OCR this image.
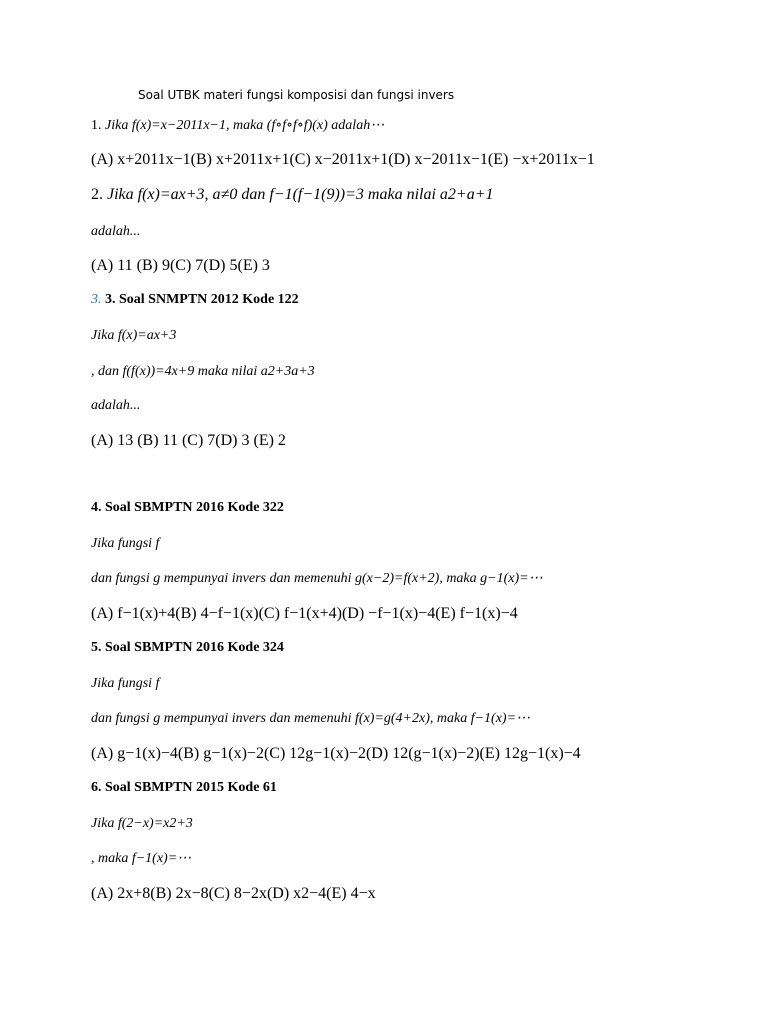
Soal UTBK materi fungsi komposisi dan fungsi invers
1. Jika f(x)=x−2011x−1, maka (f∘f∘f∘f)(x) adalah⋯
(A) x+2011x−1(B) x+2011x+1(C) x−2011x+1(D) x−2011x−1(E) −x+2011x−1
2. Jika f(x)=ax+3, a≠0 dan f−1(f−1(9))=3 maka nilai a2+a+1
adalah...
(A) 11 (B) 9(C) 7(D) 5(E) 3
3. 3. Soal SNMPTN 2012 Kode 122
Jika f(x)=ax+3
, dan f(f(x))=4x+9 maka nilai a2+3a+3
adalah...
(A) 13 (B) 11 (C) 7(D) 3 (E) 2
4. Soal SBMPTN 2016 Kode 322
Jika fungsi f
dan fungsi g mempunyai invers dan memenuhi g(x−2)=f(x+2), maka g−1(x)=⋯
(A) f−1(x)+4(B) 4−f−1(x)(C) f−1(x+4)(D) −f−1(x)−4(E) f−1(x)−4
5. Soal SBMPTN 2016 Kode 324
Jika fungsi f
dan fungsi g mempunyai invers dan memenuhi f(x)=g(4+2x), maka f−1(x)=⋯
(A) g−1(x)−4(B) g−1(x)−2(C) 12g−1(x)−2(D) 12(g−1(x)−2)(E) 12g−1(x)−4
6. Soal SBMPTN 2015 Kode 61
Jika f(2−x)=x2+3
, maka f−1(x)=⋯
(A) 2x+8(B) 2x−8(C) 8−2x(D) x2−4(E) 4−x
